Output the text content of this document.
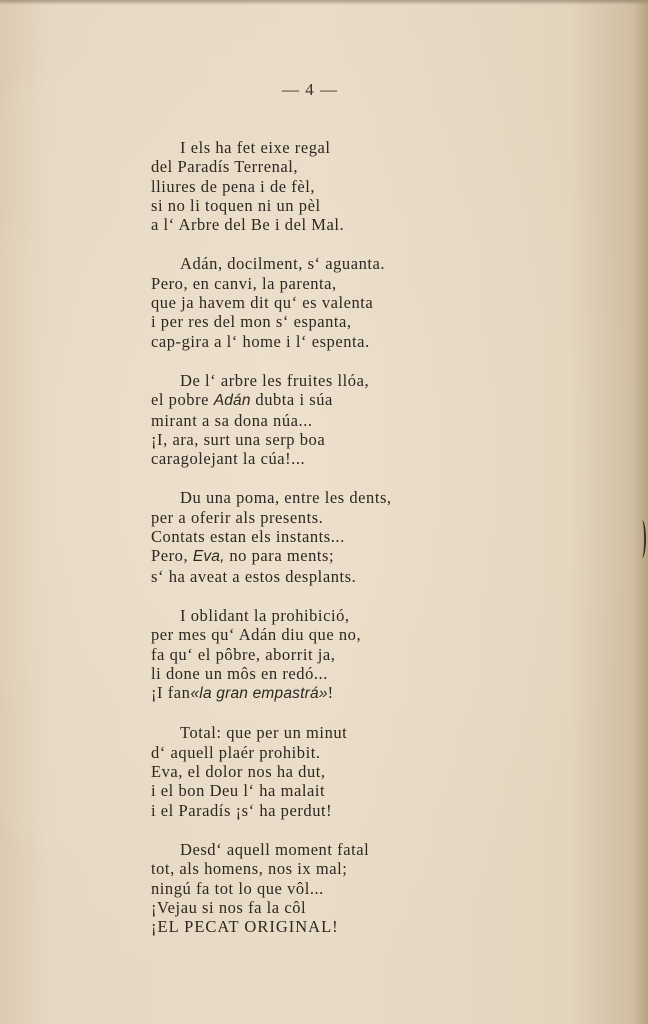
— 4 —
I els ha fet eixe regal
del Paradís Terrenal,
lliures de pena i de fèl,
si no li toquen ni un pèl
a l‘ Arbre del Be i del Mal.
Adán, docilment, s‘ aguanta.
Pero, en canvi, la parenta,
que ja havem dit qu‘ es valenta
i per res del mon s‘ espanta,
cap-gira a l‘ home i l‘ espenta.
De l‘ arbre les fruites llóa,
el pobre Adán dubta i súa
mirant a sa dona núa...
¡I, ara, surt una serp boa
caragolejant la cúa!...
Du una poma, entre les dents,
per a oferir als presents.
Contats estan els instants...
Pero, Eva, no para ments;
s‘ ha aveat a estos desplants.
I oblidant la prohibició,
per mes qu‘ Adán diu que no,
fa qu‘ el pôbre, aborrit ja,
li done un môs en redó...
¡I fan«la gran empastrá»!
Total: que per un minut
d‘ aquell plaér prohibit.
Eva, el dolor nos ha dut,
i el bon Deu l‘ ha malait
i el Paradís ¡s‘ ha perdut!
Desd‘ aquell moment fatal
tot, als homens, nos ix mal;
ningú fa tot lo que vôl...
¡Vejau si nos fa la côl
¡EL PECAT ORIGINAL!
